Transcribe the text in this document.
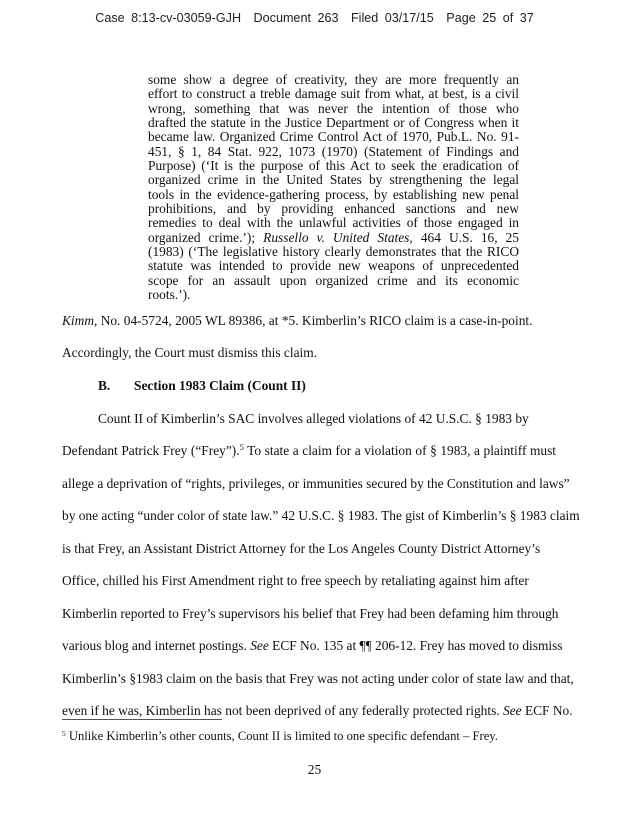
Case 8:13-cv-03059-GJH Document 263 Filed 03/17/15 Page 25 of 37
some show a degree of creativity, they are more frequently an
effort to construct a treble damage suit from what, at best, is a civil
wrong, something that was never the intention of those who
drafted the statute in the Justice Department or of Congress when it
became law. Organized Crime Control Act of 1970, Pub.L. No. 91-
451, § 1, 84 Stat. 922, 1073 (1970) (Statement of Findings and
Purpose) (‘It is the purpose of this Act to seek the eradication of
organized crime in the United States by strengthening the legal
tools in the evidence-gathering process, by establishing new penal
prohibitions, and by providing enhanced sanctions and new
remedies to deal with the unlawful activities of those engaged in
organized crime.’); Russello v. United States, 464 U.S. 16, 25
(1983) (‘The legislative history clearly demonstrates that the RICO
statute was intended to provide new weapons of unprecedented
scope for an assault upon organized crime and its economic
roots.’).
Kimm, No. 04-5724, 2005 WL 89386, at *5. Kimberlin’s RICO claim is a case-in-point.
Accordingly, the Court must dismiss this claim.
B. Section 1983 Claim (Count II)
Count II of Kimberlin’s SAC involves alleged violations of 42 U.S.C. § 1983 by
Defendant Patrick Frey (“Frey”).$^5$ To state a claim for a violation of § 1983, a plaintiff must
allege a deprivation of “rights, privileges, or immunities secured by the Constitution and laws”
by one acting “under color of state law.” 42 U.S.C. § 1983. The gist of Kimberlin’s § 1983 claim
is that Frey, an Assistant District Attorney for the Los Angeles County District Attorney’s
Office, chilled his First Amendment right to free speech by retaliating against him after
Kimberlin reported to Frey’s supervisors his belief that Frey had been defaming him through
various blog and internet postings. See ECF No. 135 at ¶¶ 206-12. Frey has moved to dismiss
Kimberlin’s §1983 claim on the basis that Frey was not acting under color of state law and that,
even if he was, Kimberlin has not been deprived of any federally protected rights. See ECF No.
$^5$ Unlike Kimberlin’s other counts, Count II is limited to one specific defendant – Frey.
25
